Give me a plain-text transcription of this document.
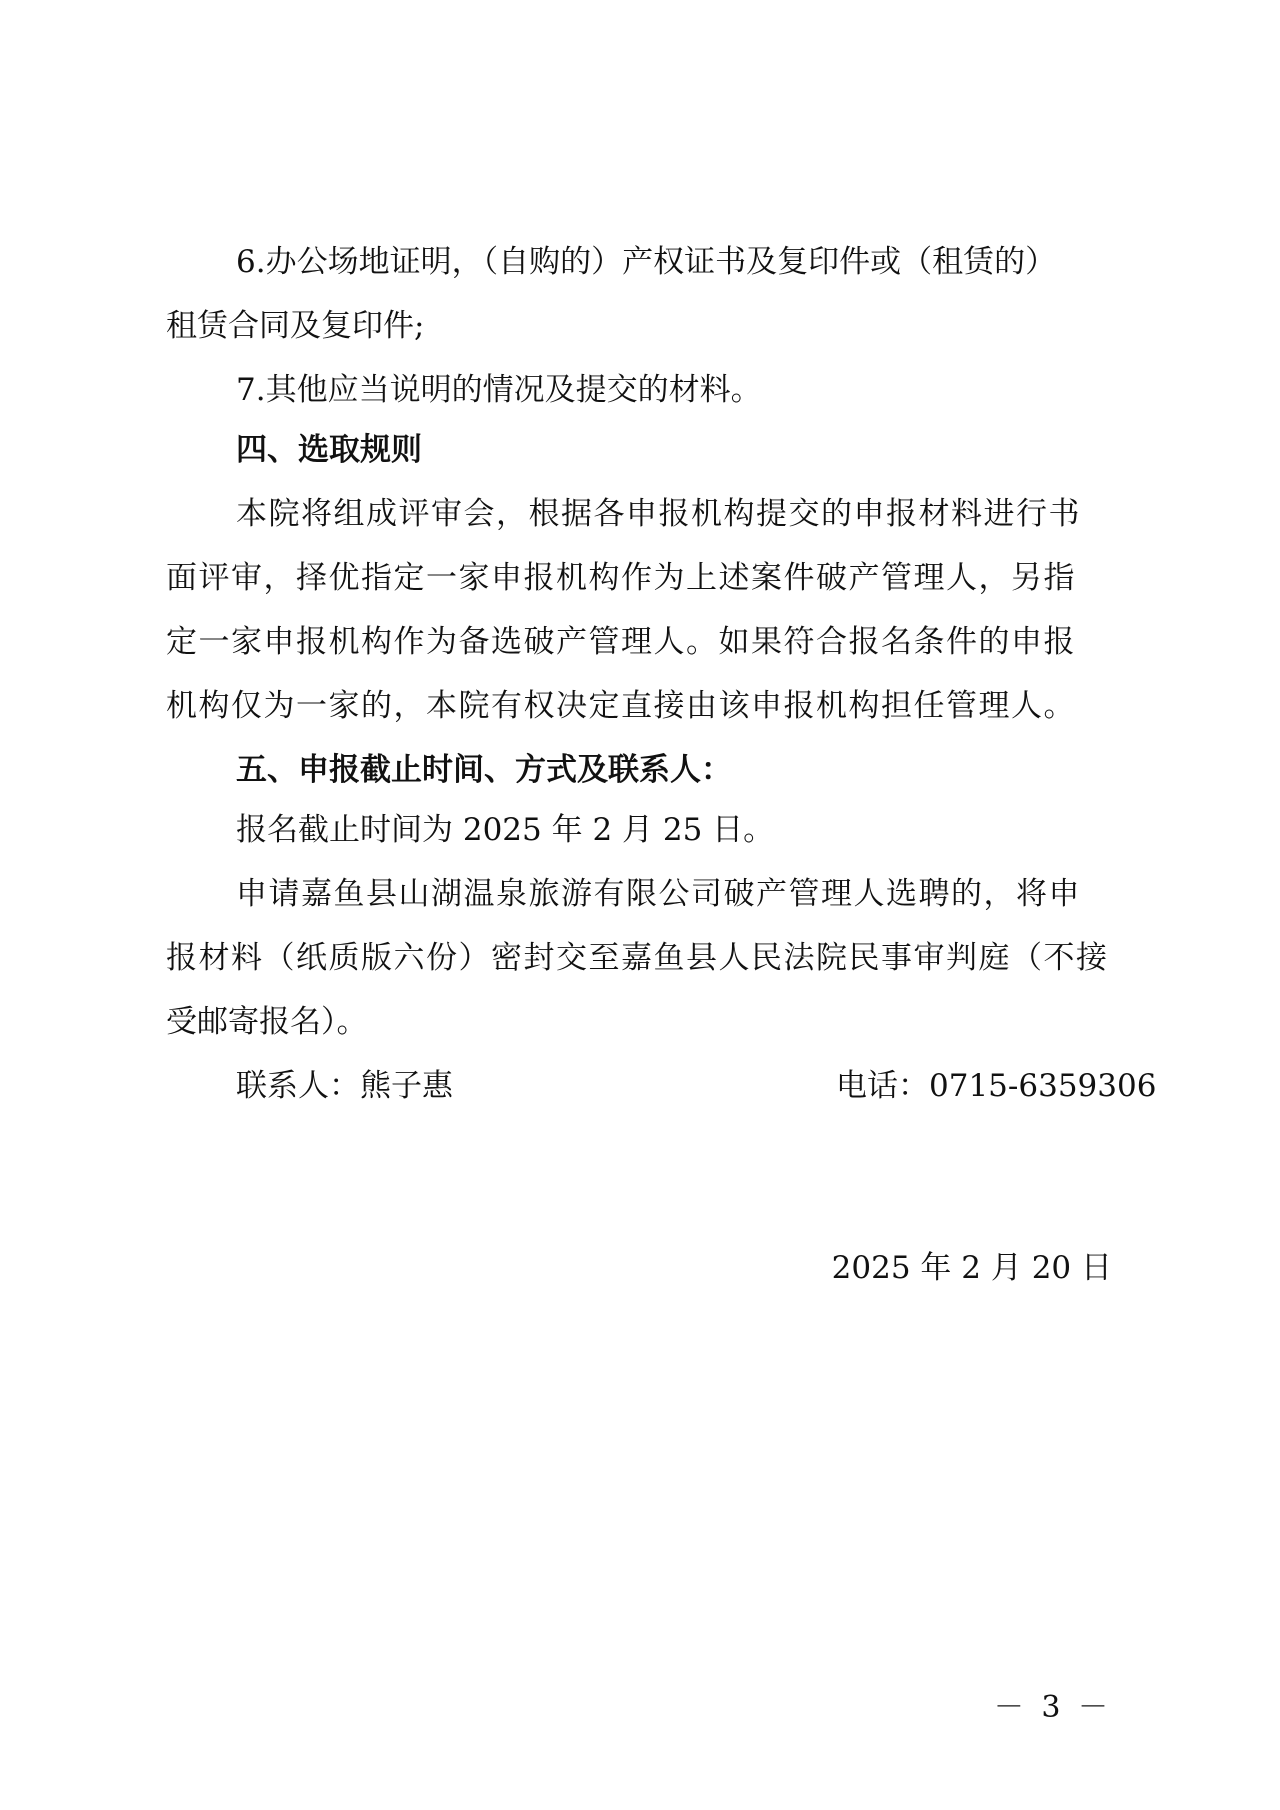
6.办公场地证明，（自购的）产权证书及复印件或（租赁的）
租赁合同及复印件;
7.其他应当说明的情况及提交的材料。
四、选取规则
本院将组成评审会，根据各申报机构提交的申报材料进行书
面评审，择优指定一家申报机构作为上述案件破产管理人，另指
定一家申报机构作为备选破产管理人。如果符合报名条件的申报
机构仅为一家的，本院有权决定直接由该申报机构担任管理人。
五、申报截止时间、方式及联系人：
报名截止时间为 2025 年 2 月 25 日。
申请嘉鱼县山湖温泉旅游有限公司破产管理人选聘的，将申
报材料（纸质版六份）密封交至嘉鱼县人民法院民事审判庭（不接
受邮寄报名）。
联系人：熊子惠	电话：0715-6359306
2025 年 2 月 20 日
－ 3 －
